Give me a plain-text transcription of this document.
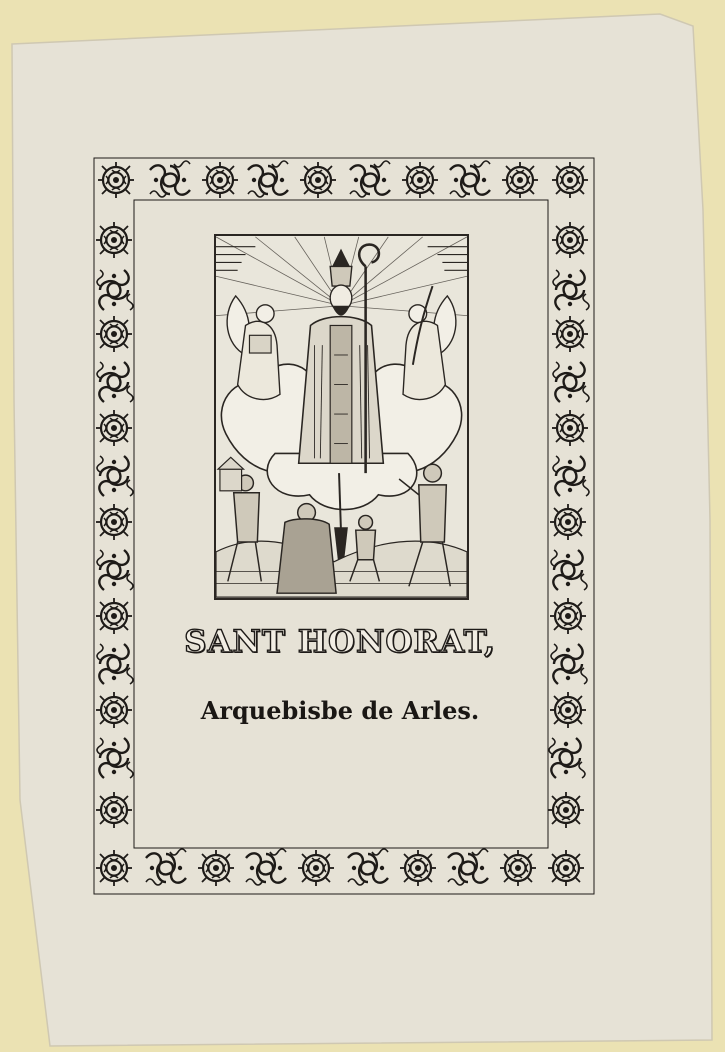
SANT HONORAT,

Arquebisbe de Arles.
